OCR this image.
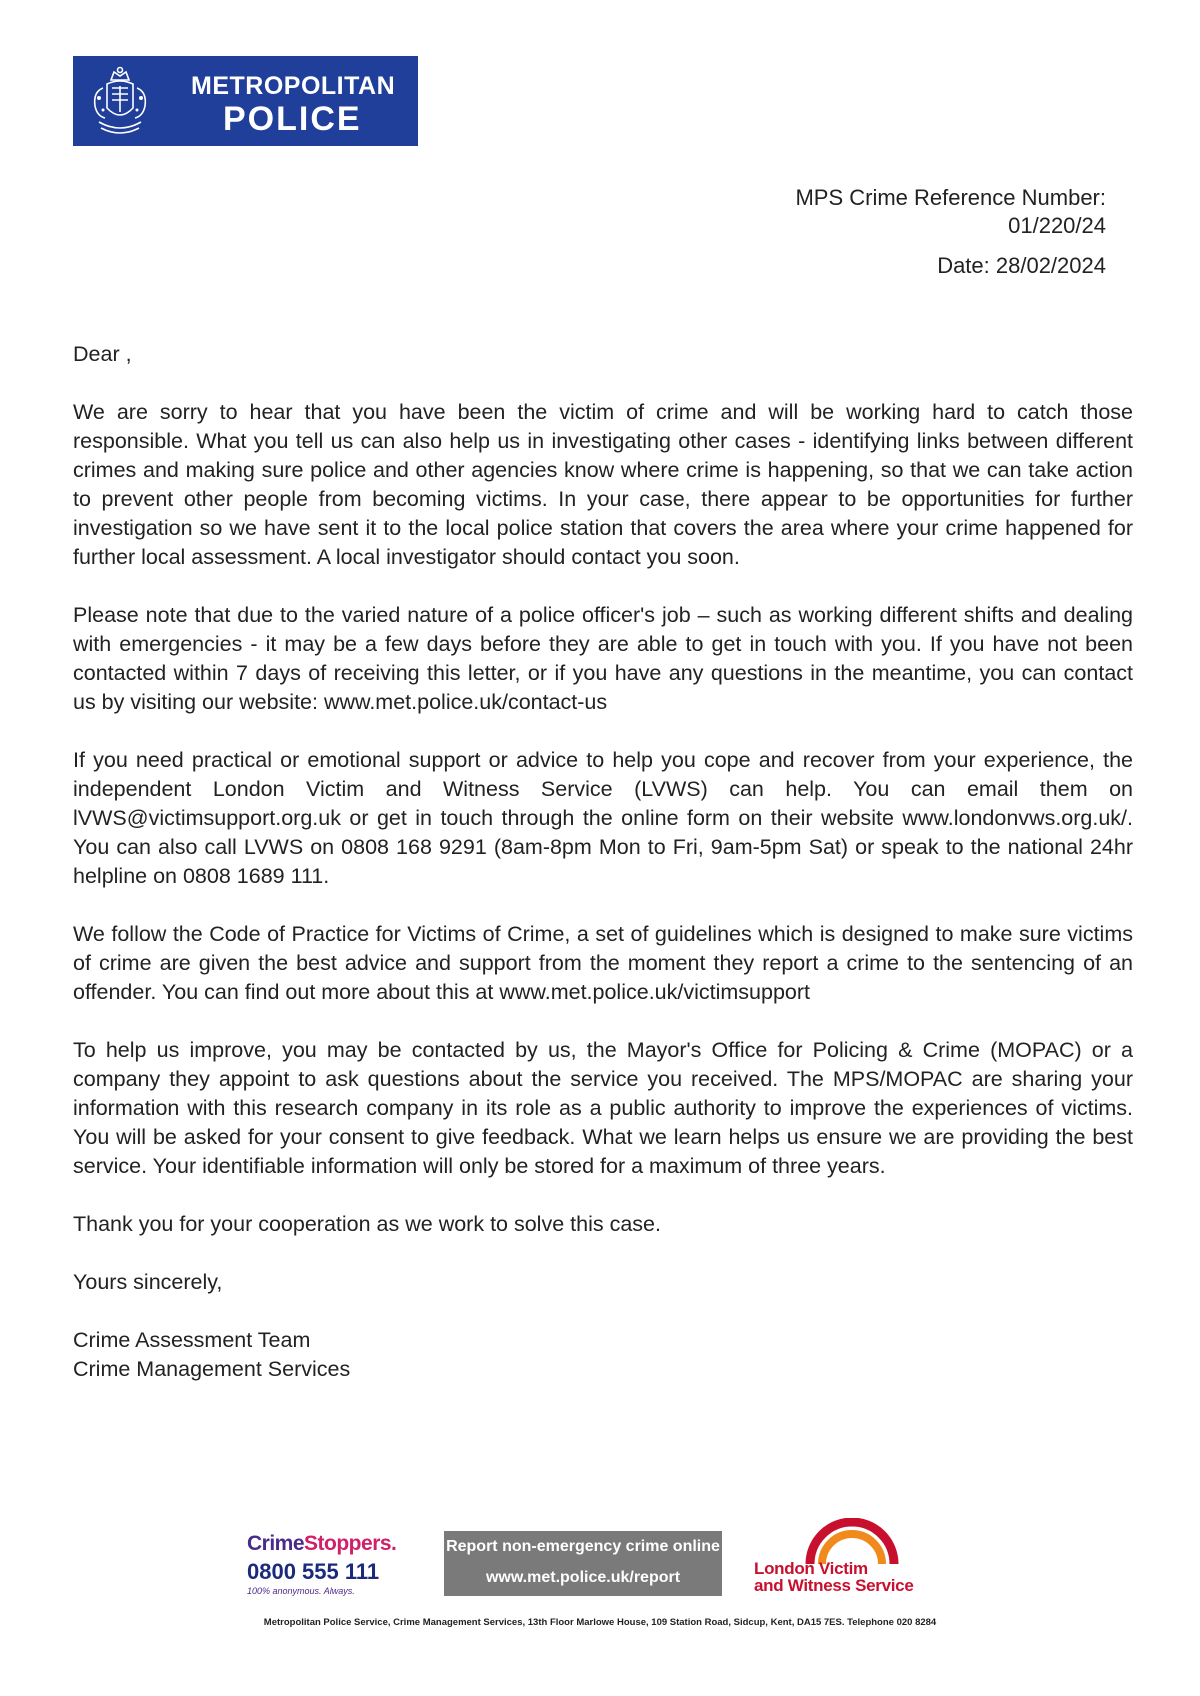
METROPOLITAN
POLICE
MPS Crime Reference Number:
01/220/24
Date: 28/02/2024

Dear ,

We are sorry to hear that you have been the victim of crime and will be working hard to catch those responsible. What you tell us can also help us in investigating other cases - identifying links between different crimes and making sure police and other agencies know where crime is happening, so that we can take action to prevent other people from becoming victims. In your case, there appear to be opportunities for further investigation so we have sent it to the local police station that covers the area where your crime happened for further local assessment. A local investigator should contact you soon.

Please note that due to the varied nature of a police officer's job – such as working different shifts and dealing with emergencies - it may be a few days before they are able to get in touch with you. If you have not been contacted within 7 days of receiving this letter, or if you have any questions in the meantime, you can contact us by visiting our website: www.met.police.uk/contact-us

If you need practical or emotional support or advice to help you cope and recover from your experience, the independent London Victim and Witness Service (LVWS) can help. You can email them on lVWS@victimsupport.org.uk or get in touch through the online form on their website www.londonvws.org.uk/. You can also call LVWS on 0808 168 9291 (8am-8pm Mon to Fri, 9am-5pm Sat) or speak to the national 24hr helpline on 0808 1689 111.

We follow the Code of Practice for Victims of Crime, a set of guidelines which is designed to make sure victims of crime are given the best advice and support from the moment they report a crime to the sentencing of an offender. You can find out more about this at www.met.police.uk/victimsupport

To help us improve, you may be contacted by us, the Mayor's Office for Policing & Crime (MOPAC) or a company they appoint to ask questions about the service you received. The MPS/MOPAC are sharing your information with this research company in its role as a public authority to improve the experiences of victims. You will be asked for your consent to give feedback. What we learn helps us ensure we are providing the best service. Your identifiable information will only be stored for a maximum of three years.

Thank you for your cooperation as we work to solve this case.

Yours sincerely,

Crime Assessment Team

Crime Management Services

CrimeStoppers.
0800 555 111
100% anonymous. Always.
Report non-emergency crime online
www.met.police.uk/report	London Victim
and Witness Service
Metropolitan Police Service, Crime Management Services, 13th Floor Marlowe House, 109 Station Road, Sidcup, Kent, DA15 7ES. Telephone 020 8284
